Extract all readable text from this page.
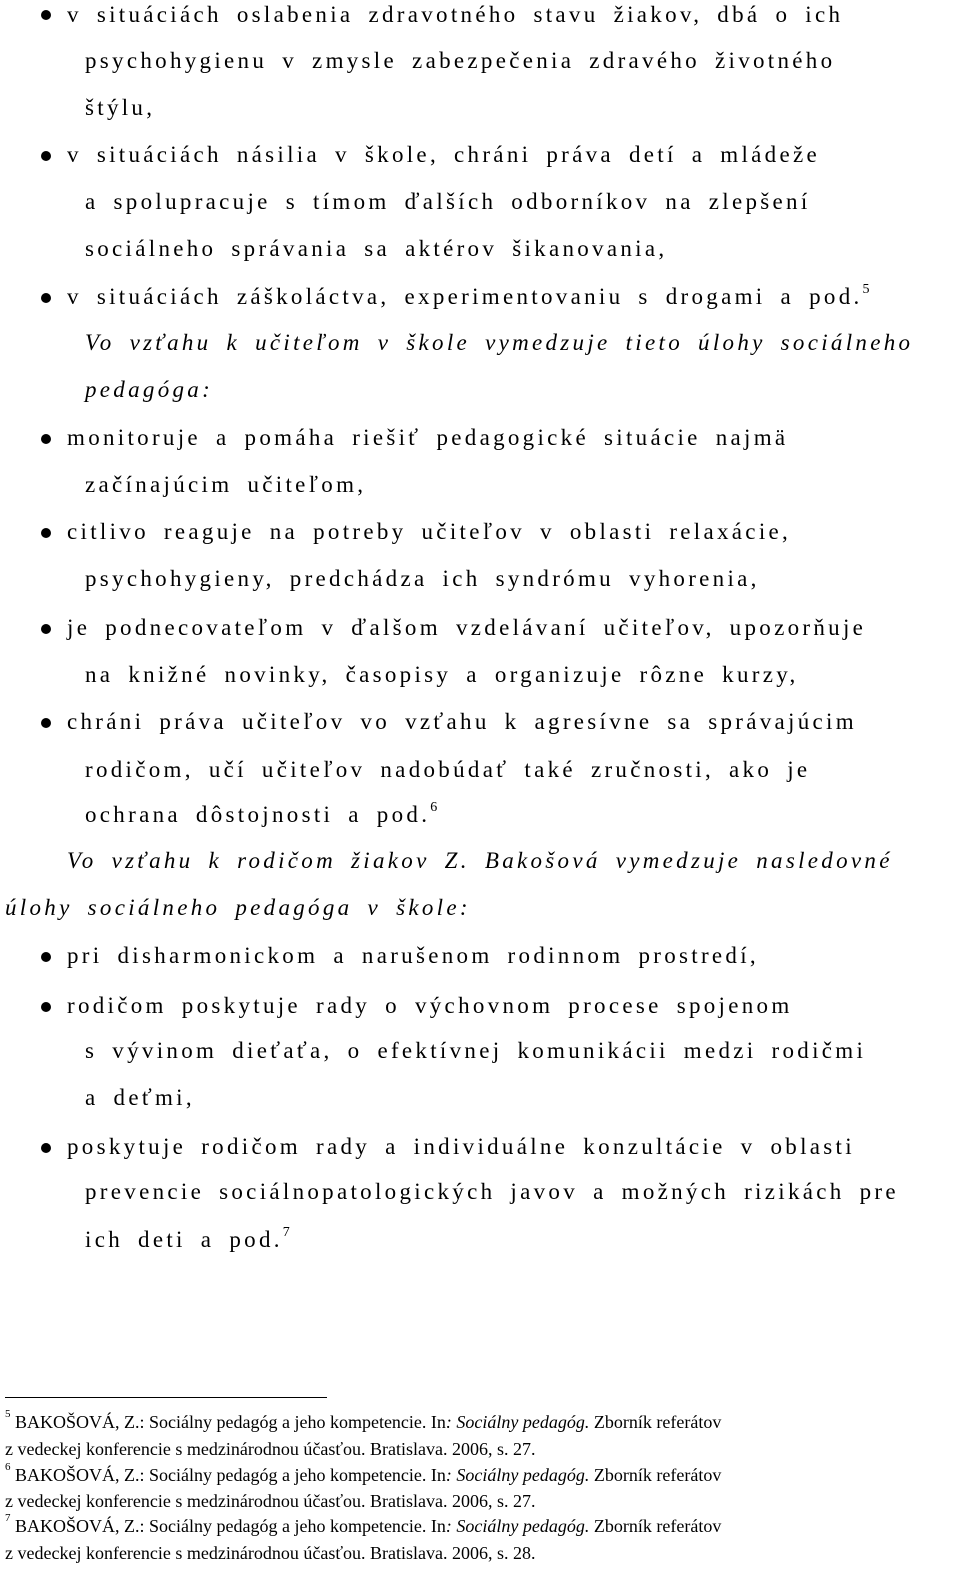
v situáciách oslabenia zdravotného stavu žiakov, dbá o ich
psychohygienu v zmysle zabezpečenia zdravého životného
štýlu,
v situáciách násilia v škole, chráni práva detí a mládeže
a spolupracuje s tímom ďalších odborníkov na zlepšení
sociálneho správania sa aktérov šikanovania,
v situáciách záškoláctva, experimentovaniu s drogami a pod.$^5$
Vo vzťahu k učiteľom v škole vymedzuje tieto úlohy sociálneho
pedagóga:
monitoruje a pomáha riešiť pedagogické situácie najmä
začínajúcim učiteľom,
citlivo reaguje na potreby učiteľov v oblasti relaxácie,
psychohygieny, predchádza ich syndrómu vyhorenia,
je podnecovateľom v ďalšom vzdelávaní učiteľov, upozorňuje
na knižné novinky, časopisy a organizuje rôzne kurzy,
chráni práva učiteľov vo vzťahu k agresívne sa správajúcim
rodičom, učí učiteľov nadobúdať také zručnosti, ako je
ochrana dôstojnosti a pod.$^6$
Vo vzťahu k rodičom žiakov Z. Bakošová vymedzuje nasledovné
úlohy sociálneho pedagóga v škole:
pri disharmonickom a narušenom rodinnom prostredí,
rodičom poskytuje rady o výchovnom procese spojenom
s vývinom dieťaťa, o efektívnej komunikácii medzi rodičmi
a deťmi,
poskytuje rodičom rady a individuálne konzultácie v oblasti
prevencie sociálnopatologických javov a možných rizikách pre
ich deti a pod.$^7$
$^5$ BAKOŠOVÁ, Z.: Sociálny pedagóg a jeho kompetencie. In: Sociálny pedagóg. Zborník referátov
z vedeckej konferencie s medzinárodnou účasťou. Bratislava. 2006, s. 27.
$^6$ BAKOŠOVÁ, Z.: Sociálny pedagóg a jeho kompetencie. In: Sociálny pedagóg. Zborník referátov
z vedeckej konferencie s medzinárodnou účasťou. Bratislava. 2006, s. 27.
$^7$ BAKOŠOVÁ, Z.: Sociálny pedagóg a jeho kompetencie. In: Sociálny pedagóg. Zborník referátov
z vedeckej konferencie s medzinárodnou účasťou. Bratislava. 2006, s. 28.
